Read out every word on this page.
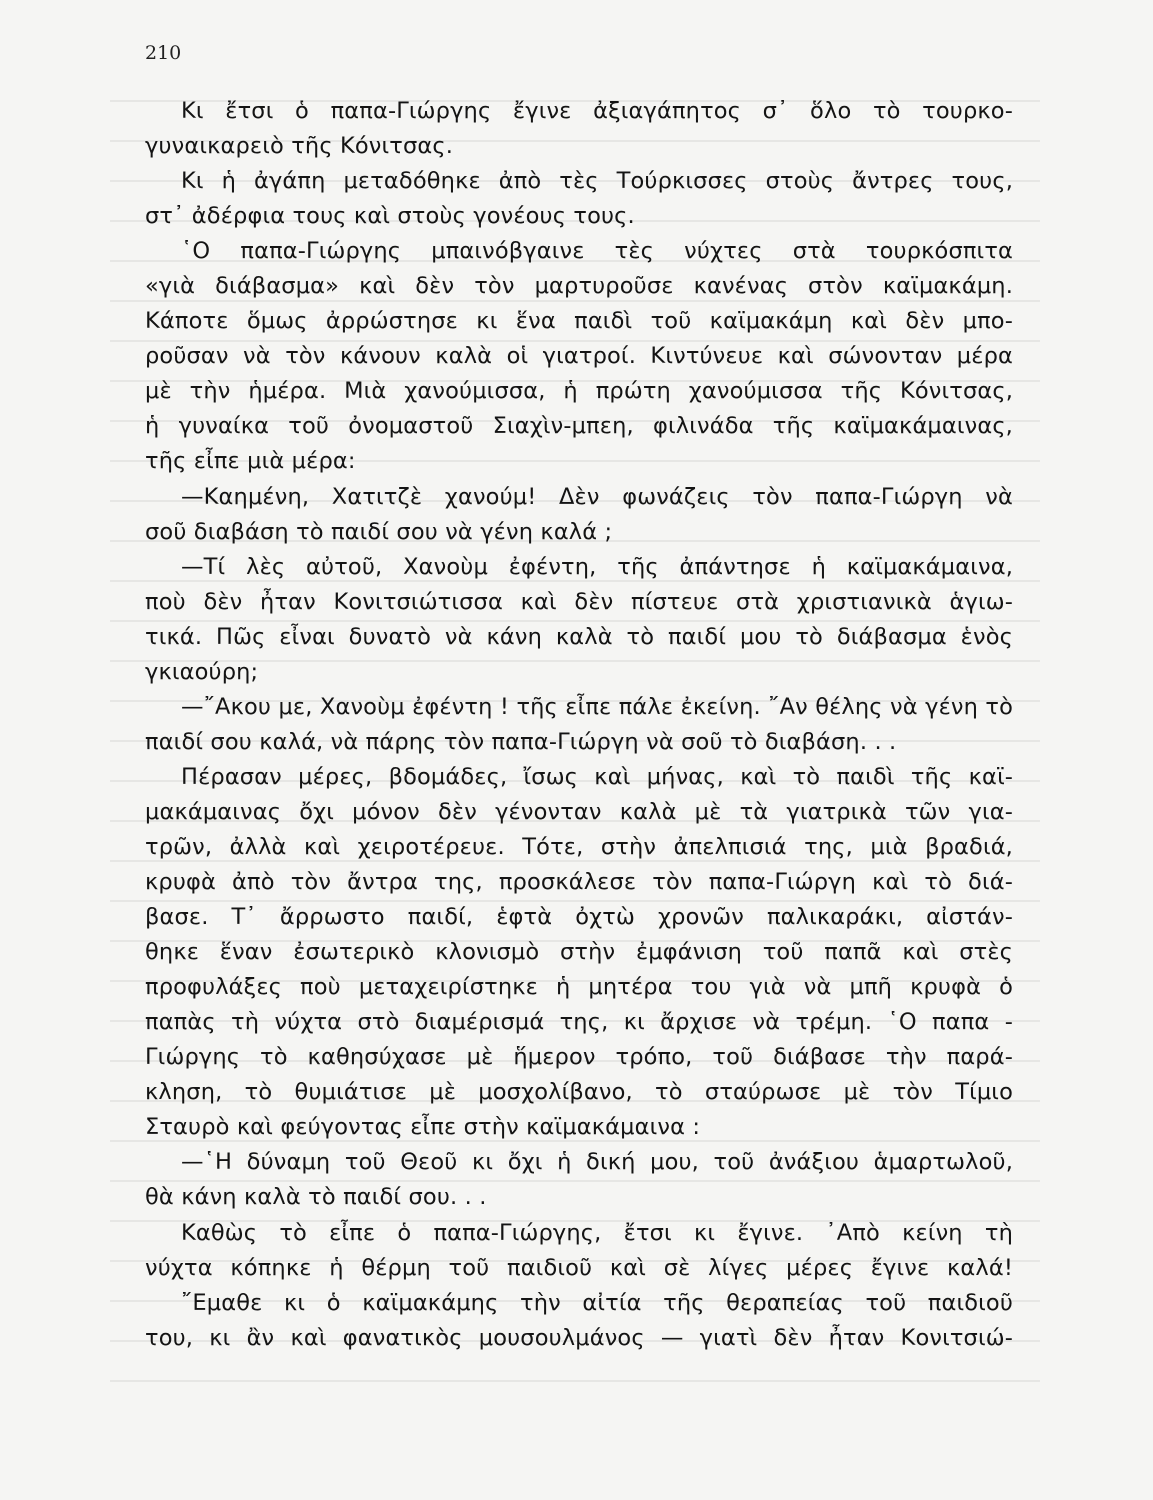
210
Κι ἔτσι ὁ παπα-Γιώργης ἔγινε ἀξιαγάπητος σ᾽ ὅλο τὸ τουρκο-
γυναικαρειὸ τῆς Κόνιτσας.
Κι ἡ ἀγάπη μεταδόθηκε ἀπὸ τὲς Τούρκισσες στοὺς ἄντρες τους,
στ᾽ ἀδέρφια τους καὶ στοὺς γονέους τους.
῾Ο παπα-Γιώργης μπαινόβγαινε τὲς νύχτες στὰ τουρκόσπιτα
«γιὰ διάβασμα» καὶ δὲν τὸν μαρτυροῦσε κανένας στὸν καϊμακάμη.
Κάποτε ὅμως ἀρρώστησε κι ἕνα παιδὶ τοῦ καϊμακάμη καὶ δὲν μπο-
ροῦσαν νὰ τὸν κάνουν καλὰ οἱ γιατροί. Κιντύνευε καὶ σώνονταν μέρα
μὲ τὴν ἡμέρα. Μιὰ χανούμισσα, ἡ πρώτη χανούμισσα τῆς Κόνιτσας,
ἡ γυναίκα τοῦ ὀνομαστοῦ Σιαχὶν-μπεη, φιλινάδα τῆς καϊμακάμαινας,
τῆς εἶπε μιὰ μέρα:
—Καημένη, Χατιτζὲ χανούμ! Δὲν φωνάζεις τὸν παπα-Γιώργη νὰ
σοῦ διαβάση τὸ παιδί σου νὰ γένη καλά ;
—Τί λὲς αὐτοῦ, Χανοὺμ ἐφέντη, τῆς ἀπάντησε ἡ καϊμακάμαινα,
ποὺ δὲν ἦταν Κονιτσιώτισσα καὶ δὲν πίστευε στὰ χριστιανικὰ ἁγιω-
τικά. Πῶς εἶναι δυνατὸ νὰ κάνη καλὰ τὸ παιδί μου τὸ διάβασμα ἑνὸς
γκιαούρη;
—῎Ακου με, Χανοὺμ ἐφέντη ! τῆς εἶπε πάλε ἐκείνη. ῎Αν θέλης νὰ γένη τὸ
παιδί σου καλά, νὰ πάρης τὸν παπα-Γιώργη νὰ σοῦ τὸ διαβάση. . .
Πέρασαν μέρες, βδομάδες, ἴσως καὶ μήνας, καὶ τὸ παιδὶ τῆς καϊ-
μακάμαινας ὄχι μόνον δὲν γένονταν καλὰ μὲ τὰ γιατρικὰ τῶν για-
τρῶν, ἀλλὰ καὶ χειροτέρευε. Τότε, στὴν ἀπελπισιά της, μιὰ βραδιά,
κρυφὰ ἀπὸ τὸν ἄντρα της, προσκάλεσε τὸν παπα-Γιώργη καὶ τὸ διά-
βασε. Τ᾽ ἄρρωστο παιδί, ἑφτὰ ὀχτὼ χρονῶν παλικαράκι, αἰστάν-
θηκε ἕναν ἐσωτερικὸ κλονισμὸ στὴν ἐμφάνιση τοῦ παπᾶ καὶ στὲς
προφυλάξες ποὺ μεταχειρίστηκε ἡ μητέρα του γιὰ νὰ μπῆ κρυφὰ ὁ
παπὰς τὴ νύχτα στὸ διαμέρισμά της, κι ἄρχισε νὰ τρέμη. ῾Ο παπα -
Γιώργης τὸ καθησύχασε μὲ ἥμερον τρόπο, τοῦ διάβασε τὴν παρά-
κληση, τὸ θυμιάτισε μὲ μοσχολίβανο, τὸ σταύρωσε μὲ τὸν Τίμιο
Σταυρὸ καὶ φεύγοντας εἶπε στὴν καϊμακάμαινα :
—῾Η δύναμη τοῦ Θεοῦ κι ὄχι ἡ δική μου, τοῦ ἀνάξιου ἁμαρτωλοῦ,
θὰ κάνη καλὰ τὸ παιδί σου. . .
Καθὼς τὸ εἶπε ὁ παπα-Γιώργης, ἔτσι κι ἔγινε. ᾽Απὸ κείνη τὴ
νύχτα κόπηκε ἡ θέρμη τοῦ παιδιοῦ καὶ σὲ λίγες μέρες ἔγινε καλά!
῎Εμαθε κι ὁ καϊμακάμης τὴν αἰτία τῆς θεραπείας τοῦ παιδιοῦ
του, κι ἂν καὶ φανατικὸς μουσουλμάνος — γιατὶ δὲν ἦταν Κονιτσιώ-
